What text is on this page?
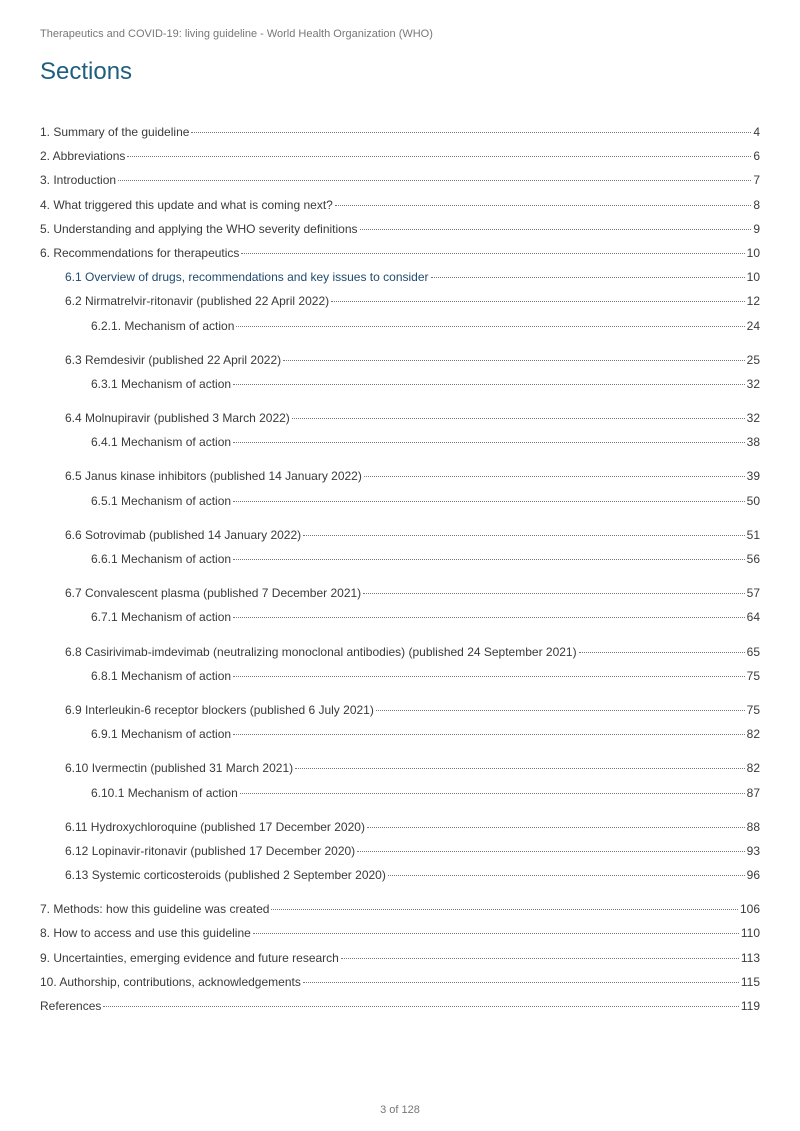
Therapeutics and COVID-19: living guideline - World Health Organization (WHO)
Sections
1. Summary of the guideline	4
2. Abbreviations	6
3. Introduction	7
4. What triggered this update and what is coming next?	8
5. Understanding and applying the WHO severity definitions	9
6. Recommendations for therapeutics	10
6.1 Overview of drugs, recommendations and key issues to consider	10
6.2 Nirmatrelvir-ritonavir (published 22 April 2022)	12
6.2.1. Mechanism of action	24
6.3 Remdesivir (published 22 April 2022)	25
6.3.1 Mechanism of action	32
6.4 Molnupiravir (published 3 March 2022)	32
6.4.1 Mechanism of action	38
6.5 Janus kinase inhibitors (published 14 January 2022)	39
6.5.1 Mechanism of action	50
6.6 Sotrovimab (published 14 January 2022)	51
6.6.1 Mechanism of action	56
6.7 Convalescent plasma (published 7 December 2021)	57
6.7.1 Mechanism of action	64
6.8 Casirivimab-imdevimab (neutralizing monoclonal antibodies) (published 24 September 2021)	65
6.8.1 Mechanism of action	75
6.9 Interleukin-6 receptor blockers (published 6 July 2021)	75
6.9.1 Mechanism of action	82
6.10 Ivermectin (published 31 March 2021)	82
6.10.1 Mechanism of action	87
6.11 Hydroxychloroquine (published 17 December 2020)	88
6.12 Lopinavir-ritonavir (published 17 December 2020)	93
6.13 Systemic corticosteroids (published 2 September 2020)	96
7. Methods: how this guideline was created	106
8. How to access and use this guideline	110
9. Uncertainties, emerging evidence and future research	113
10. Authorship, contributions, acknowledgements	115
References	119
3 of 128
